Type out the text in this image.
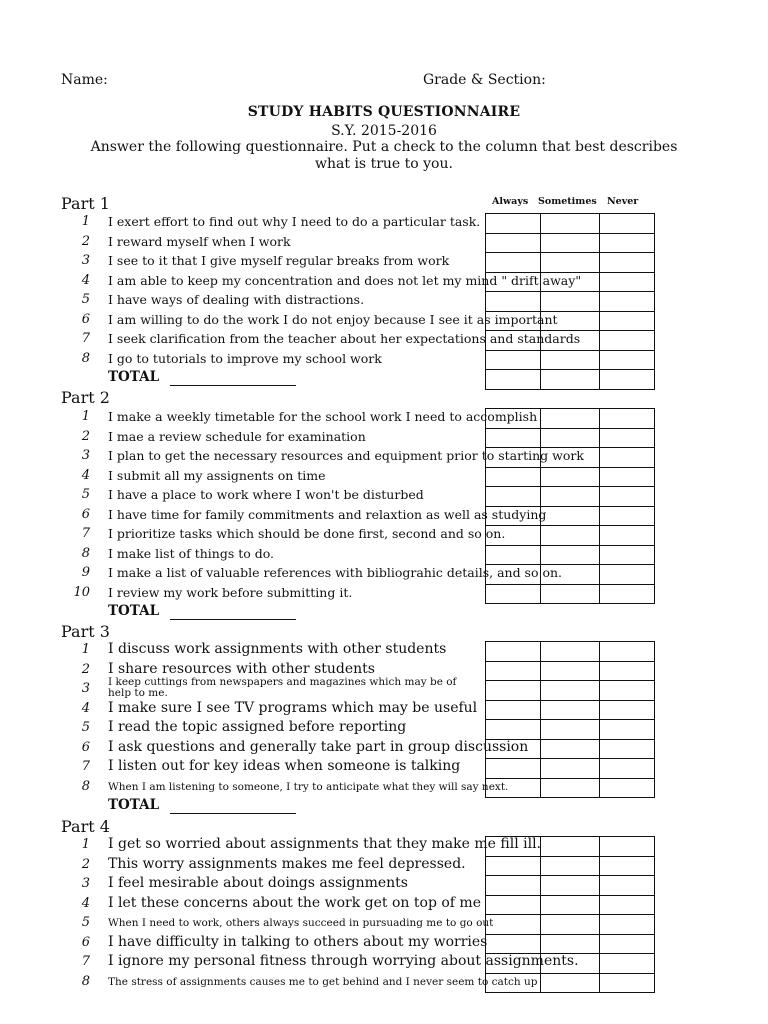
Name:	Grade & Section:
STUDY HABITS QUESTIONNAIRE
S.Y. 2015-2016
Answer the following questionnaire. Put a check to the column that best describes
what is true to you.
Always Sometimes Never
Part 1

1 I exert effort to find out why I need to do a particular task.
2 I reward myself when I work
3 I see to it that I give myself regular breaks from work
4 I am able to keep my concentration and does not let my mind " drift away"
5 I have ways of dealing with distractions.
6 I am willing to do the work I do not enjoy because I see it as important
7 I seek clarification from the teacher about her expectations and standards
8 I go to tutorials to improve my school work
TOTAL
Part 2

1 I make a weekly timetable for the school work I need to accomplish
2 I mae a review schedule for examination
3 I plan to get the necessary resources and equipment prior to starting work
4 I submit all my assignents on time
5 I have a place to work where I won't be disturbed
6 I have time for family commitments and relaxtion as well as studying
7 I prioritize tasks which should be done first, second and so on.
8 I make list of things to do.
9 I make a list of valuable references with bibliograhic details, and so on.
10 I review my work before submitting it.
TOTAL
Part 3

1 I discuss work assignments with other students
2 I share resources with other students
3 I keep cuttings from newspapers and magazines which may be of
help to me.
4 I make sure I see TV programs which may be useful
5 I read the topic assigned before reporting
6 I ask questions and generally take part in group discussion
7 I listen out for key ideas when someone is talking
8 When I am listening to someone, I try to anticipate what they will say next.
TOTAL
Part 4

1 I get so worried about assignments that they make me fill ill.
2 This worry assignments makes me feel depressed.
3 I feel mesirable about doings assignments
4 I let these concerns about the work get on top of me
5 When I need to work, others always succeed in pursuading me to go out
6 I have difficulty in talking to others about my worries
7 I ignore my personal fitness through worrying about assignments.
8 The stress of assignments causes me to get behind and I never seem to catch up
